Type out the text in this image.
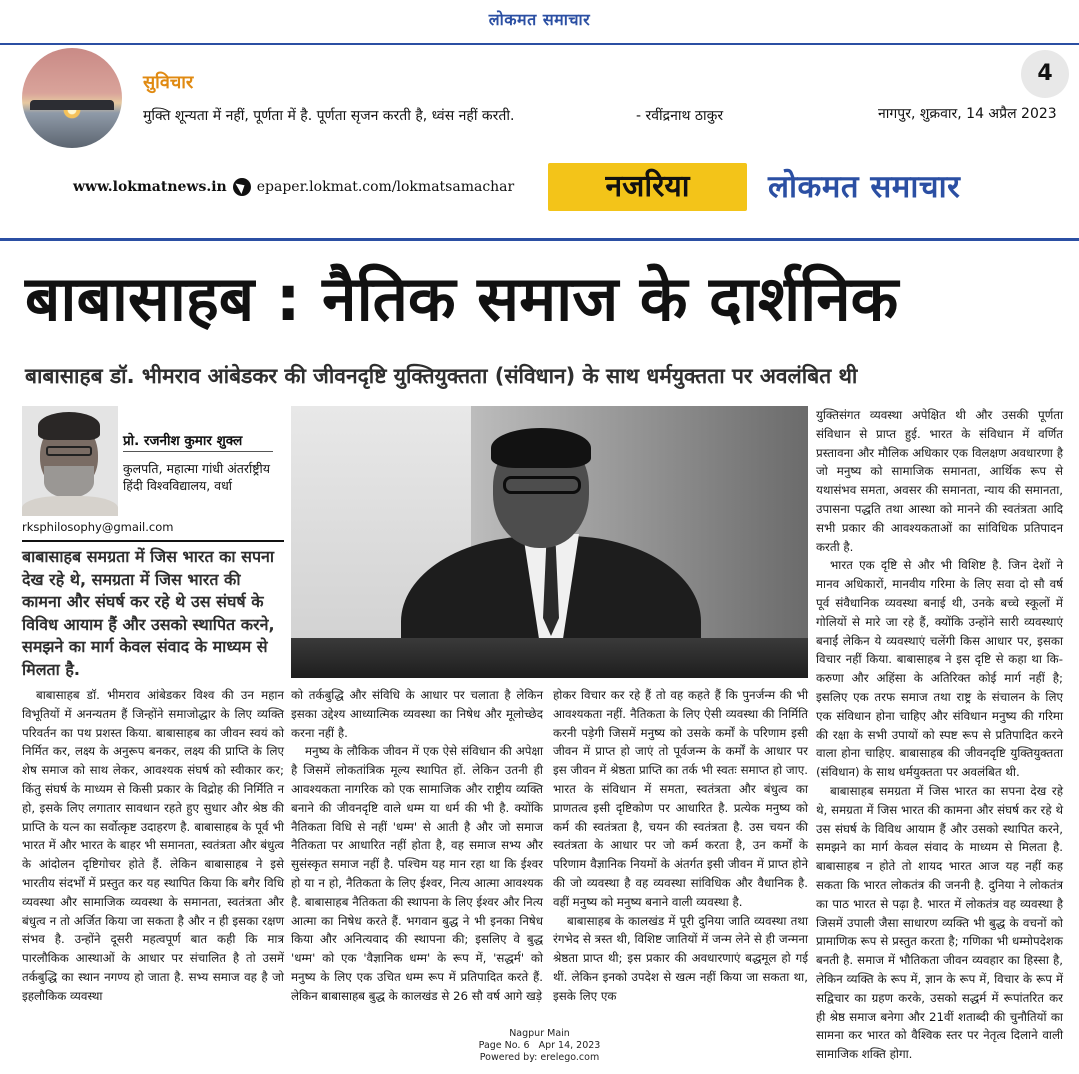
लोकमत समाचार
सुविचार
मुक्ति शून्यता में नहीं, पूर्णता में है. पूर्णता सृजन करती है, ध्वंस नहीं करती.	- रवींद्रनाथ ठाकुर
4
नागपुर, शुक्रवार, 14 अप्रैल 2023
www.lokmatnews.in epaper.lokmat.com/lokmatsamachar	नजरिया	लोकमत समाचार
बाबासाहब : नैतिक समाज के दार्शनिक
बाबासाहब डॉ. भीमराव आंबेडकर की जीवनदृष्टि युक्तियुक्तता (संविधान) के साथ धर्मयुक्तता पर अवलंबित थी
प्रो. रजनीश कुमार शुक्ल
कुलपति, महात्मा गांधी अंतर्राष्ट्रीय हिंदी विश्वविद्यालय, वर्धा
rksphilosophy@gmail.com
बाबासाहब समग्रता में जिस भारत का सपना देख रहे थे, समग्रता में जिस भारत की कामना और संघर्ष कर रहे थे उस संघर्ष के विविध आयाम हैं और उसको स्थापित करने, समझने का मार्ग केवल संवाद के माध्यम से मिलता है.

बाबासाहब डॉ. भीमराव आंबेडकर विश्व की उन महान विभूतियों में अनन्यतम हैं जिन्होंने समाजोद्धार के लिए व्यक्ति परिवर्तन का पथ प्रशस्त किया. बाबासाहब का जीवन स्वयं को निर्मित कर, लक्ष्य के अनुरूप बनकर, लक्ष्य की प्राप्ति के लिए शेष समाज को साथ लेकर, आवश्यक संघर्ष को स्वीकार कर; किंतु संघर्ष के माध्यम से किसी प्रकार के विद्रोह की निर्मिति न हो, इसके लिए लगातार सावधान रहते हुए सुधार और श्रेष्ठ की प्राप्ति के यत्न का सर्वोत्कृष्ट उदाहरण है. बाबासाहब के पूर्व भी भारत में और भारत के बाहर भी समानता, स्वतंत्रता और बंधुत्व के आंदोलन दृष्टिगोचर होते हैं. लेकिन बाबासाहब ने इसे भारतीय संदर्भों में प्रस्तुत कर यह स्थापित किया कि बगैर विधि व्यवस्था और सामाजिक व्यवस्था के समानता, स्वतंत्रता और बंधुत्व न तो अर्जित किया जा सकता है और न ही इसका रक्षण संभव है. उन्होंने दूसरी महत्वपूर्ण बात कही कि मात्र पारलौकिक आस्थाओं के आधार पर संचालित है तो उसमें तर्कबुद्धि का स्थान नगण्य हो जाता है. सभ्य समाज वह है जो इहलौकिक व्यवस्था

को तर्कबुद्धि और संविधि के आधार पर चलाता है लेकिन इसका उद्देश्य आध्यात्मिक व्यवस्था का निषेध और मूलोच्छेद करना नहीं है.

मनुष्य के लौकिक जीवन में एक ऐसे संविधान की अपेक्षा है जिसमें लोकतांत्रिक मूल्य स्थापित हों. लेकिन उतनी ही आवश्यकता नागरिक को एक सामाजिक और राष्ट्रीय व्यक्ति बनाने की जीवनदृष्टि वाले धम्म या धर्म की भी है. क्योंकि नैतिकता विधि से नहीं 'धम्म' से आती है और जो समाज नैतिकता पर आधारित नहीं होता है, वह समाज सभ्य और सुसंस्कृत समाज नहीं है. पश्चिम यह मान रहा था कि ईश्वर हो या न हो, नैतिकता के लिए ईश्वर, नित्य आत्मा आवश्यक है. बाबासाहब नैतिकता की स्थापना के लिए ईश्वर और नित्य आत्मा का निषेध करते हैं. भगवान बुद्ध ने भी इनका निषेध किया और अनित्यवाद की स्थापना की; इसलिए वे बुद्ध 'धम्म' को एक 'वैज्ञानिक धम्म' के रूप में, 'सद्धर्म' को मनुष्य के लिए एक उचित धम्म रूप में प्रतिपादित करते हैं. लेकिन बाबासाहब बुद्ध के कालखंड से 26 सौ वर्ष आगे खड़े

होकर विचार कर रहे हैं तो वह कहते हैं कि पुनर्जन्म की भी आवश्यकता नहीं. नैतिकता के लिए ऐसी व्यवस्था की निर्मिति करनी पड़ेगी जिसमें मनुष्य को उसके कर्मों के परिणाम इसी जीवन में प्राप्त हो जाएं तो पूर्वजन्म के कर्मों के आधार पर इस जीवन में श्रेष्ठता प्राप्ति का तर्क भी स्वतः समाप्त हो जाए. भारत के संविधान में समता, स्वतंत्रता और बंधुत्व का प्राणतत्व इसी दृष्टिकोण पर आधारित है. प्रत्येक मनुष्य को कर्म की स्वतंत्रता है, चयन की स्वतंत्रता है. उस चयन की स्वतंत्रता के आधार पर जो कर्म करता है, उन कर्मों के परिणाम वैज्ञानिक नियमों के अंतर्गत इसी जीवन में प्राप्त होने की जो व्यवस्था है वह व्यवस्था सांविधिक और वैधानिक है. वहीं मनुष्य को मनुष्य बनाने वाली व्यवस्था है.

बाबासाहब के कालखंड में पूरी दुनिया जाति व्यवस्था तथा रंगभेद से त्रस्त थी, विशिष्ट जातियों में जन्म लेने से ही जन्मना श्रेष्ठता प्राप्त थी; इस प्रकार की अवधारणाएं बद्धमूल हो गई थीं. लेकिन इनको उपदेश से खत्म नहीं किया जा सकता था, इसके लिए एक

युक्तिसंगत व्यवस्था अपेक्षित थी और उसकी पूर्णता संविधान से प्राप्त हुई. भारत के संविधान में वर्णित प्रस्तावना और मौलिक अधिकार एक विलक्षण अवधारणा है जो मनुष्य को सामाजिक समानता, आर्थिक रूप से यथासंभव समता, अवसर की समानता, न्याय की समानता, उपासना पद्धति तथा आस्था को मानने की स्वतंत्रता आदि सभी प्रकार की आवश्यकताओं का सांविधिक प्रतिपादन करती है.

भारत एक दृष्टि से और भी विशिष्ट है. जिन देशों ने मानव अधिकारों, मानवीय गरिमा के लिए सवा दो सौ वर्ष पूर्व संवैधानिक व्यवस्था बनाई थी, उनके बच्चे स्कूलों में गोलियों से मारे जा रहे हैं, क्योंकि उन्होंने सारी व्यवस्थाएं बनाईं लेकिन ये व्यवस्थाएं चलेंगी किस आधार पर, इसका विचार नहीं किया. बाबासाहब ने इस दृष्टि से कहा था कि-करुणा और अहिंसा के अतिरिक्त कोई मार्ग नहीं है; इसलिए एक तरफ समाज तथा राष्ट्र के संचालन के लिए एक संविधान होना चाहिए और संविधान मनुष्य की गरिमा की रक्षा के सभी उपायों को स्पष्ट रूप से प्रतिपादित करने वाला होना चाहिए. बाबासाहब की जीवनदृष्टि युक्तियुक्तता (संविधान) के साथ धर्मयुक्तता पर अवलंबित थी.

बाबासाहब समग्रता में जिस भारत का सपना देख रहे थे, समग्रता में जिस भारत की कामना और संघर्ष कर रहे थे उस संघर्ष के विविध आयाम हैं और उसको स्थापित करने, समझने का मार्ग केवल संवाद के माध्यम से मिलता है. बाबासाहब न होते तो शायद भारत आज यह नहीं कह सकता कि भारत लोकतंत्र की जननी है. दुनिया ने लोकतंत्र का पाठ भारत से पढ़ा है. भारत में लोकतंत्र वह व्यवस्था है जिसमें उपाली जैसा साधारण व्यक्ति भी बुद्ध के वचनों को प्रामाणिक रूप से प्रस्तुत करता है; गणिका भी धम्मोपदेशक बनती है. समाज में भौतिकता जीवन व्यवहार का हिस्सा है, लेकिन व्यक्ति के रूप में, ज्ञान के रूप में, विचार के रूप में सद्विचार का ग्रहण करके, उसको सद्धर्म में रूपांतरित कर ही श्रेष्ठ समाज बनेगा और 21वीं शताब्दी की चुनौतियों का सामना कर भारत को वैश्विक स्तर पर नेतृत्व दिलाने वाली सामाजिक शक्ति होगा.

Nagpur Main
Page No. 6   Apr 14, 2023
Powered by: erelego.com
